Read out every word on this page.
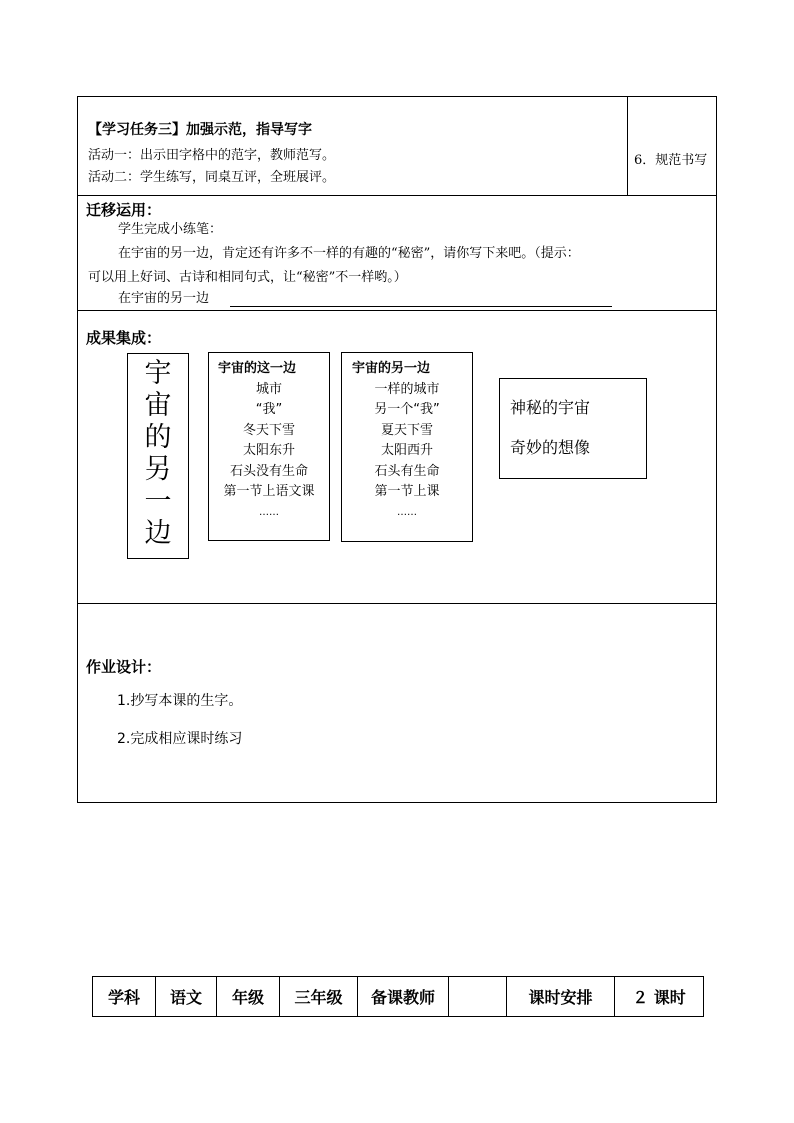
【学习任务三】加强示范，指导写字
活动一：出示田字格中的范字，教师范写。
活动二：学生练写，同桌互评，全班展评。
6．规范书写
迁移运用：
学生完成小练笔：
在宇宙的另一边，肯定还有许多不一样的有趣的“秘密”，请你写下来吧。（提示：
可以用上好词、古诗和相同句式，让“秘密”不一样哟。）
在宇宙的另一边
成果集成：
宇
宙
的
另
一
边
宇宙的这一边
城市
“我”
冬天下雪
太阳东升
石头没有生命
第一节上语文课
……
宇宙的另一边
一样的城市
另一个“我”
夏天下雪
太阳西升
石头有生命
第一节上课
……
神秘的宇宙
奇妙的想像
作业设计：
1.抄写本课的生字。
2.完成相应课时练习
学科	语文	年级	三年级	备课教师		课时安排	２ 课时
